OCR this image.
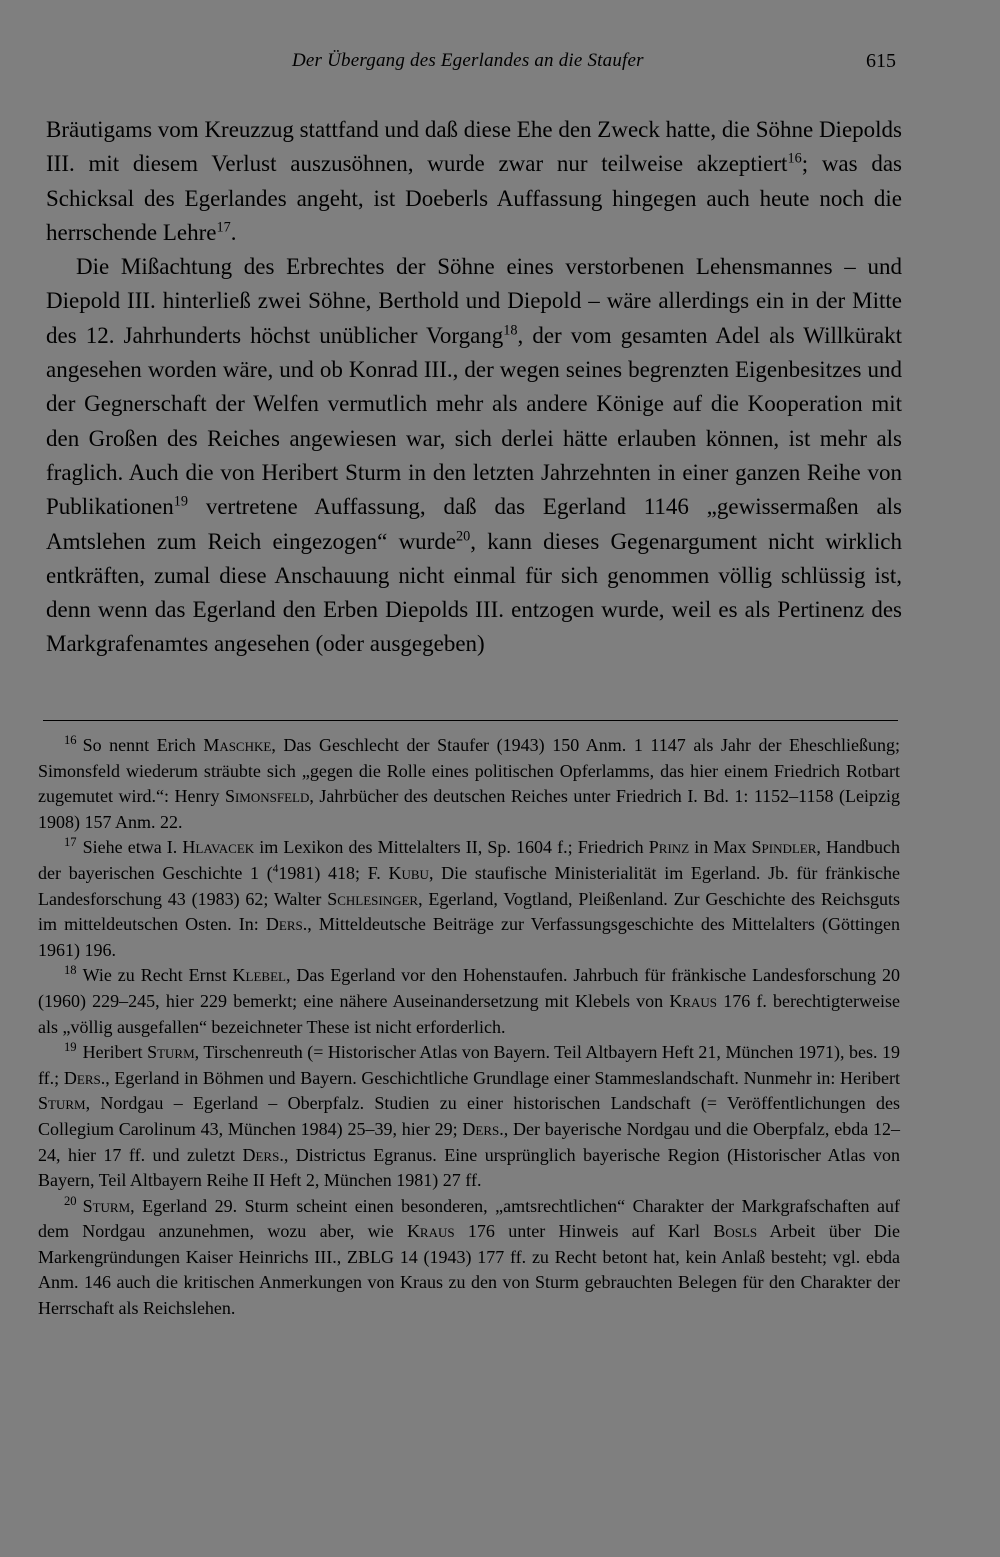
Der Übergang des Egerlandes an die Staufer	615

Bräutigams vom Kreuzzug stattfand und daß diese Ehe den Zweck hatte, die Söhne Diepolds III. mit diesem Verlust auszusöhnen, wurde zwar nur teilweise akzeptiert$^{16}$; was das Schicksal des Egerlandes angeht, ist Doeberls Auffassung hingegen auch heute noch die herrschende Lehre$^{17}$.

Die Mißachtung des Erbrechtes der Söhne eines verstorbenen Lehensmannes – und Diepold III. hinterließ zwei Söhne, Berthold und Diepold – wäre allerdings ein in der Mitte des 12. Jahrhunderts höchst unüblicher Vorgang$^{18}$, der vom gesamten Adel als Willkürakt angesehen worden wäre, und ob Konrad III., der wegen seines begrenzten Eigenbesitzes und der Gegnerschaft der Welfen vermutlich mehr als andere Könige auf die Kooperation mit den Großen des Reiches angewiesen war, sich derlei hätte erlauben können, ist mehr als fraglich. Auch die von Heribert Sturm in den letzten Jahrzehnten in einer ganzen Reihe von Publikationen$^{19}$ vertretene Auffassung, daß das Egerland 1146 „gewissermaßen als Amtslehen zum Reich eingezogen“ wurde$^{20}$, kann dieses Gegenargument nicht wirklich entkräften, zumal diese Anschauung nicht einmal für sich genommen völlig schlüssig ist, denn wenn das Egerland den Erben Diepolds III. entzogen wurde, weil es als Pertinenz des Markgrafenamtes angesehen (oder ausgegeben)

$^{16}$ So nennt Erich Maschke, Das Geschlecht der Staufer (1943) 150 Anm. 1 1147 als Jahr der Eheschließung; Simonsfeld wiederum sträubte sich „gegen die Rolle eines politischen Opferlamms, das hier einem Friedrich Rotbart zugemutet wird.“: Henry Simonsfeld, Jahrbücher des deutschen Reiches unter Friedrich I. Bd. 1: 1152–1158 (Leipzig 1908) 157 Anm. 22.

$^{17}$ Siehe etwa I. Hlavacek im Lexikon des Mittelalters II, Sp. 1604 f.; Friedrich Prinz in Max Spindler, Handbuch der bayerischen Geschichte 1 ($^4$1981) 418; F. Kubu, Die staufische Ministerialität im Egerland. Jb. für fränkische Landesforschung 43 (1983) 62; Walter Schlesinger, Egerland, Vogtland, Pleißenland. Zur Geschichte des Reichsguts im mitteldeutschen Osten. In: Ders., Mitteldeutsche Beiträge zur Verfassungsgeschichte des Mittelalters (Göttingen 1961) 196.

$^{18}$ Wie zu Recht Ernst Klebel, Das Egerland vor den Hohenstaufen. Jahrbuch für fränkische Landesforschung 20 (1960) 229–245, hier 229 bemerkt; eine nähere Auseinandersetzung mit Klebels von Kraus 176 f. berechtigterweise als „völlig ausgefallen“ bezeichneter These ist nicht erforderlich.

$^{19}$ Heribert Sturm, Tirschenreuth (= Historischer Atlas von Bayern. Teil Altbayern Heft 21, München 1971), bes. 19 ff.; Ders., Egerland in Böhmen und Bayern. Geschichtliche Grundlage einer Stammeslandschaft. Nunmehr in: Heribert Sturm, Nordgau – Egerland – Oberpfalz. Studien zu einer historischen Landschaft (= Veröffentlichungen des Collegium Carolinum 43, München 1984) 25–39, hier 29; Ders., Der bayerische Nordgau und die Oberpfalz, ebda 12–24, hier 17 ff. und zuletzt Ders., Districtus Egranus. Eine ursprünglich bayerische Region (Historischer Atlas von Bayern, Teil Altbayern Reihe II Heft 2, München 1981) 27 ff.

$^{20}$ Sturm, Egerland 29. Sturm scheint einen besonderen, „amtsrechtlichen“ Charakter der Markgrafschaften auf dem Nordgau anzunehmen, wozu aber, wie Kraus 176 unter Hinweis auf Karl Bosls Arbeit über Die Markengründungen Kaiser Heinrichs III., ZBLG 14 (1943) 177 ff. zu Recht betont hat, kein Anlaß besteht; vgl. ebda Anm. 146 auch die kritischen Anmerkungen von Kraus zu den von Sturm gebrauchten Belegen für den Charakter der Herrschaft als Reichslehen.
